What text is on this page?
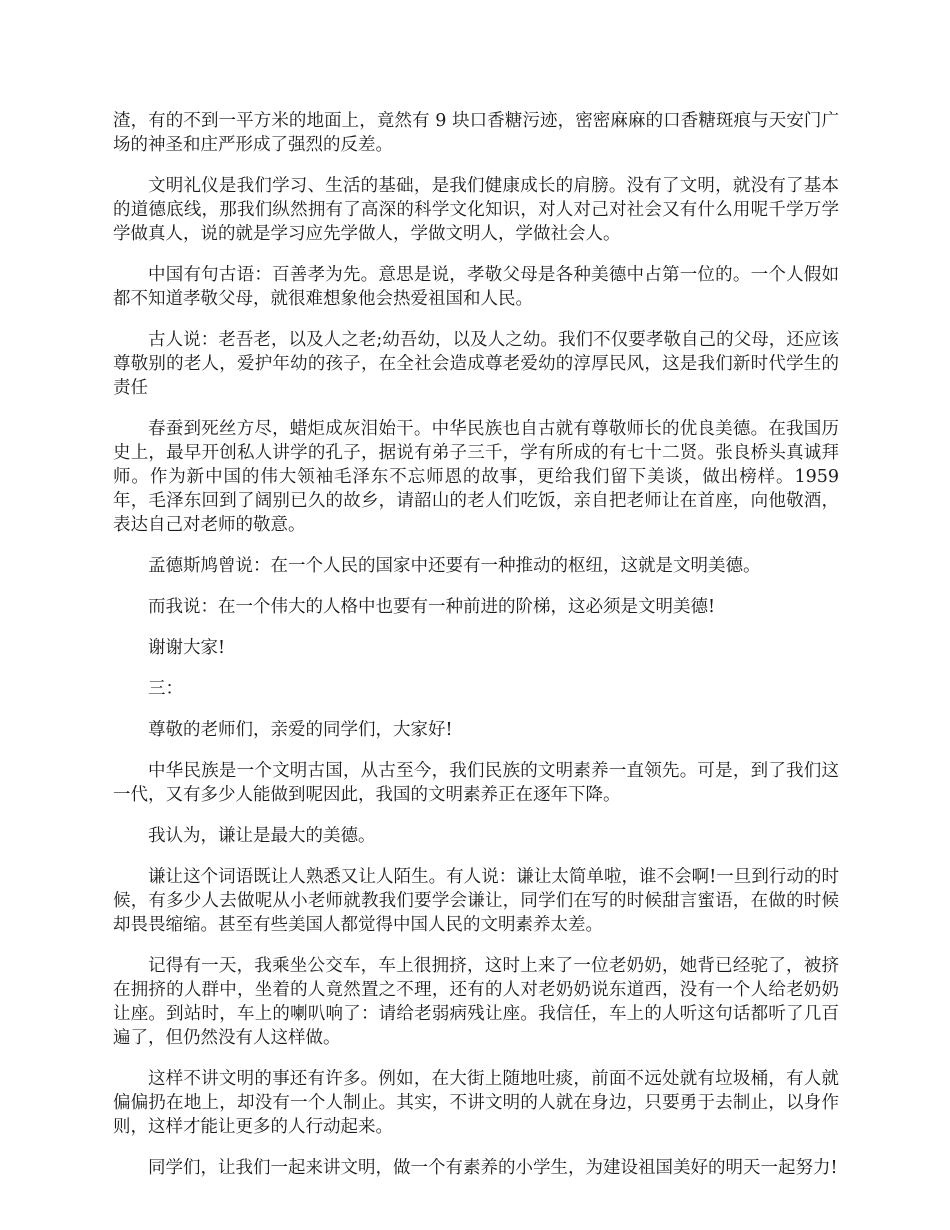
渣，有的不到一平方米的地面上，竟然有 9 块口香糖污迹，密密麻麻的口香糖斑痕与天安门广场的神圣和庄严形成了强烈的反差。

文明礼仪是我们学习、生活的基础，是我们健康成长的肩膀。没有了文明，就没有了基本的道德底线，那我们纵然拥有了高深的科学文化知识，对人对己对社会又有什么用呢千学万学学做真人，说的就是学习应先学做人，学做文明人，学做社会人。

中国有句古语：百善孝为先。意思是说，孝敬父母是各种美德中占第一位的。一个人假如都不知道孝敬父母，就很难想象他会热爱祖国和人民。

古人说：老吾老，以及人之老;幼吾幼，以及人之幼。我们不仅要孝敬自己的父母，还应该尊敬别的老人，爱护年幼的孩子，在全社会造成尊老爱幼的淳厚民风，这是我们新时代学生的责任

春蚕到死丝方尽，蜡炬成灰泪始干。中华民族也自古就有尊敬师长的优良美德。在我国历史上，最早开创私人讲学的孔子，据说有弟子三千，学有所成的有七十二贤。张良桥头真诚拜师。作为新中国的伟大领袖毛泽东不忘师恩的故事，更给我们留下美谈，做出榜样。1959 年，毛泽东回到了阔别已久的故乡，请韶山的老人们吃饭，亲自把老师让在首座，向他敬酒，表达自己对老师的敬意。

孟德斯鸠曾说：在一个人民的国家中还要有一种推动的枢纽，这就是文明美德。

而我说：在一个伟大的人格中也要有一种前进的阶梯，这必须是文明美德!

谢谢大家!

三：

尊敬的老师们，亲爱的同学们，大家好!

中华民族是一个文明古国，从古至今，我们民族的文明素养一直领先。可是，到了我们这一代，又有多少人能做到呢因此，我国的文明素养正在逐年下降。

我认为，谦让是最大的美德。

谦让这个词语既让人熟悉又让人陌生。有人说：谦让太简单啦，谁不会啊!一旦到行动的时候，有多少人去做呢从小老师就教我们要学会谦让，同学们在写的时候甜言蜜语，在做的时候却畏畏缩缩。甚至有些美国人都觉得中国人民的文明素养太差。

记得有一天，我乘坐公交车，车上很拥挤，这时上来了一位老奶奶，她背已经驼了，被挤在拥挤的人群中，坐着的人竟然置之不理，还有的人对老奶奶说东道西，没有一个人给老奶奶让座。到站时，车上的喇叭响了：请给老弱病残让座。我信任，车上的人听这句话都听了几百遍了，但仍然没有人这样做。

这样不讲文明的事还有许多。例如，在大街上随地吐痰，前面不远处就有垃圾桶，有人就偏偏扔在地上，却没有一个人制止。其实，不讲文明的人就在身边，只要勇于去制止，以身作则，这样才能让更多的人行动起来。

同学们，让我们一起来讲文明，做一个有素养的小学生，为建设祖国美好的明天一起努力!
